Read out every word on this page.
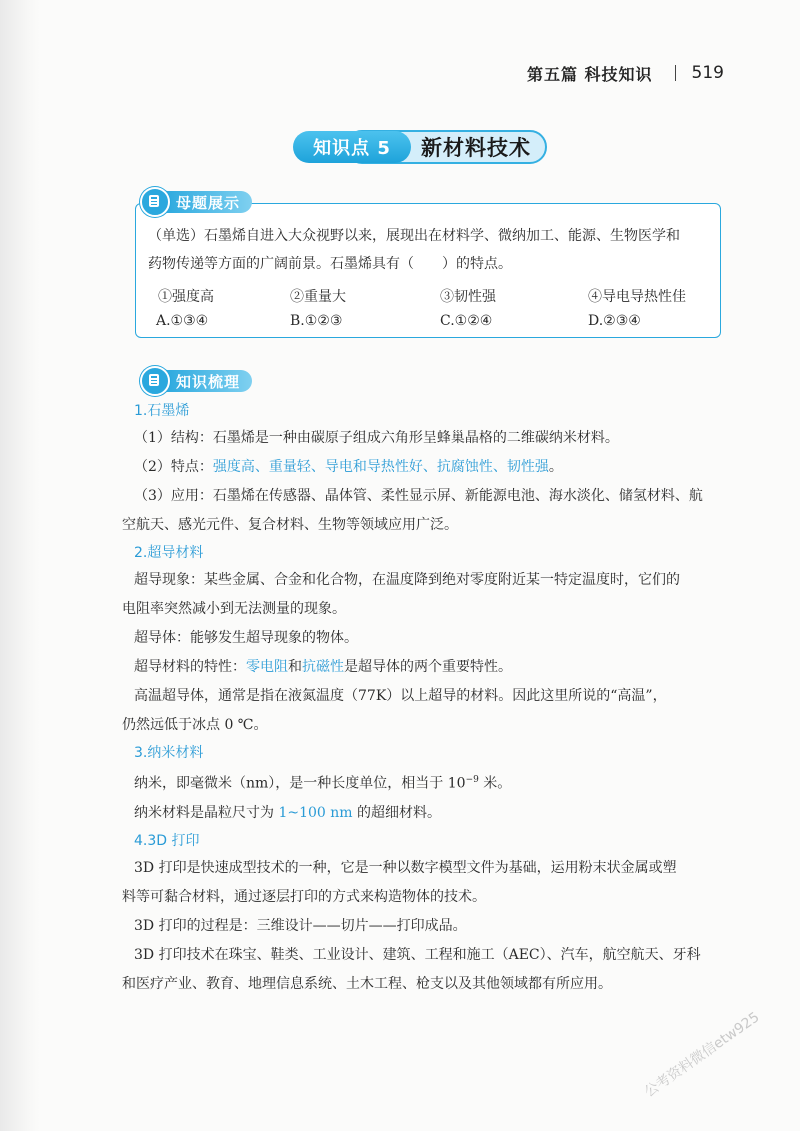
第五篇 科技知识 519
知识点 5	新材料技术
母题展示
（单选）石墨烯自进入大众视野以来，展现出在材料学、微纳加工、能源、生物医学和
药物传递等方面的广阔前景。石墨烯具有（　　）的特点。
①强度高	②重量大	③韧性强	④导电导热性佳
A.①③④	B.①②③	C.①②④	D.②③④
知识梳理
1.石墨烯

（1）结构：石墨烯是一种由碳原子组成六角形呈蜂巢晶格的二维碳纳米材料。

（2）特点：强度高、重量轻、导电和导热性好、抗腐蚀性、韧性强。

（3）应用：石墨烯在传感器、晶体管、柔性显示屏、新能源电池、海水淡化、储氢材料、航

空航天、感光元件、复合材料、生物等领域应用广泛。

2.超导材料

超导现象：某些金属、合金和化合物，在温度降到绝对零度附近某一特定温度时，它们的

电阻率突然减小到无法测量的现象。

超导体：能够发生超导现象的物体。

超导材料的特性：零电阻和抗磁性是超导体的两个重要特性。

高温超导体，通常是指在液氮温度（77K）以上超导的材料。因此这里所说的“高温”，

仍然远低于冰点 0 ℃。

3.纳米材料

纳米，即毫微米（nm），是一种长度单位，相当于 $10^{-9}$ 米。

纳米材料是晶粒尺寸为 1~100 nm 的超细材料。

4.3D 打印

3D 打印是快速成型技术的一种，它是一种以数字模型文件为基础，运用粉末状金属或塑

料等可黏合材料，通过逐层打印的方式来构造物体的技术。

3D 打印的过程是：三维设计——切片——打印成品。

3D 打印技术在珠宝、鞋类、工业设计、建筑、工程和施工（AEC）、汽车，航空航天、牙科

和医疗产业、教育、地理信息系统、土木工程、枪支以及其他领域都有所应用。

公考资料微信etw925
